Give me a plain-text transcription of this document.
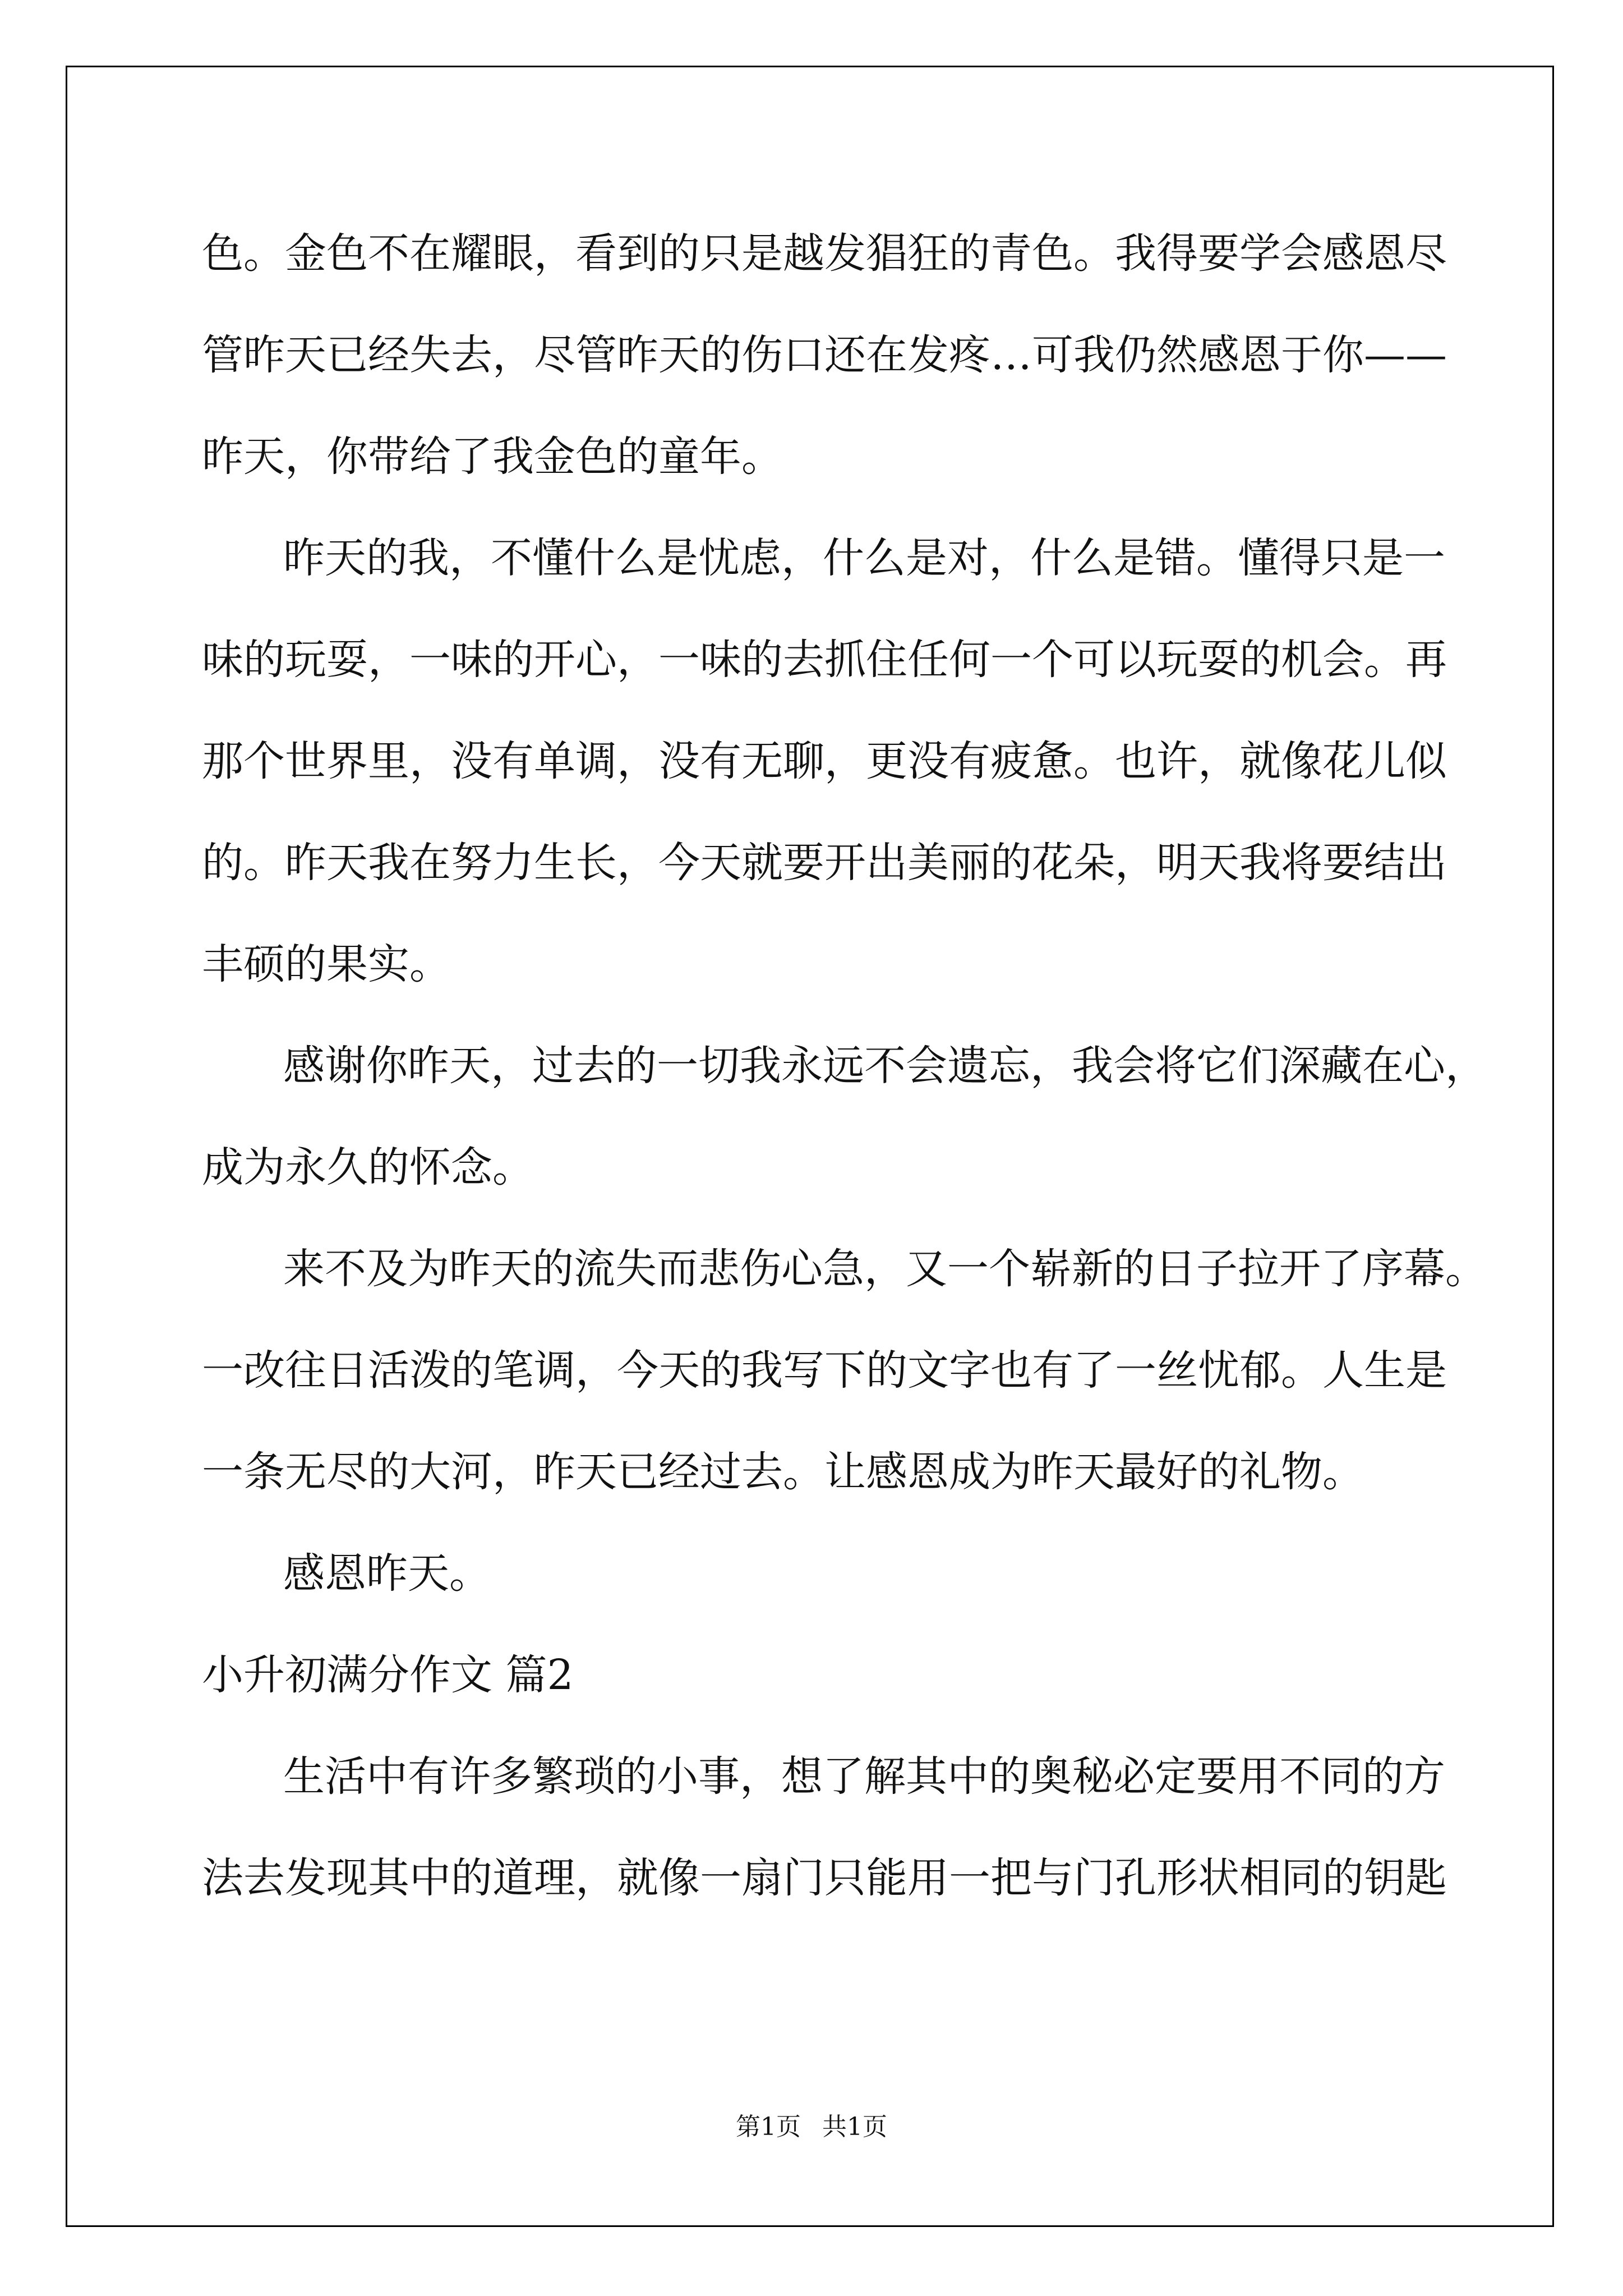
色。金色不在耀眼，看到的只是越发猖狂的青色。我得要学会感恩尽
管昨天已经失去，尽管昨天的伤口还在发疼…可我仍然感恩于你——
昨天，你带给了我金色的童年。
昨天的我，不懂什么是忧虑，什么是对，什么是错。懂得只是一
味的玩耍，一味的开心，一味的去抓住任何一个可以玩耍的机会。再
那个世界里，没有单调，没有无聊，更没有疲惫。也许，就像花儿似
的。昨天我在努力生长，今天就要开出美丽的花朵，明天我将要结出
丰硕的果实。
感谢你昨天，过去的一切我永远不会遗忘，我会将它们深藏在心，
成为永久的怀念。
来不及为昨天的流失而悲伤心急，又一个崭新的日子拉开了序幕。
一改往日活泼的笔调，今天的我写下的文字也有了一丝忧郁。人生是
一条无尽的大河，昨天已经过去。让感恩成为昨天最好的礼物。
感恩昨天。
小升初满分作文 篇2
生活中有许多繁琐的小事，想了解其中的奥秘必定要用不同的方
法去发现其中的道理，就像一扇门只能用一把与门孔形状相同的钥匙
第1页 共1页
